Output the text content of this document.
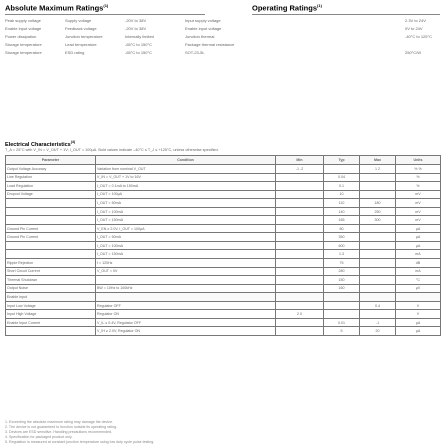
Absolute Maximum Ratings$^{(1)}$	Operating Ratings$^{(1)}$
Peak supply voltage	Supply voltage	-20V to 38V	Input supply voltage	2.3V to 24V
Enable input voltage	Feedback voltage	-20V to 38V	Enable input voltage	0V to 24V
Power dissipation	Junction temperature	Internally limited	Junction thermal	-40°C to 125°C
Storage temperature	Lead temperature	-65°C to 150°C	Package thermal resistance
Storage temperature	ESD rating	-65°C to 150°C	SOT-23-5L	250°C/W
Electrical Characteristics$^{(4)}$
T_A = 25°C with V_IN = V_OUT + 1V; I_OUT = 100µA. Bold values indicate –40°C ≤ T_J ≤ +125°C, unless otherwise specified.
Parameter	Condition	Min	Typ	Max	Units
Output Voltage Accuracy	Variation from nominal V_OUT	-1 -2		1 2	% %
Line Regulation	V_IN = V_OUT + 1V to 16V		0.04		%
Load Regulation	I_OUT = 0.1mA to 150mA		0.1		%
Dropout Voltage	I_OUT = 100µA		10		mV
	I_OUT = 50mA		110	180	mV
	I_OUT = 100mA		140	250	mV
	I_OUT = 150mA		165	300	mV
Ground Pin Current	V_EN ≥ 2.0V, I_OUT = 100µA		80		µA
Ground Pin Current	I_OUT = 50mA		350		µA
	I_OUT = 100mA		600		µA
	I_OUT = 150mA		1.3		mA
Ripple Rejection	f = 120Hz		75		dB
Short Circuit Current	V_OUT = 0V		280		mA
Thermal Shutdown			150		°C
Output Noise	BW = 10Hz to 100kHz		160		µV
Enable Input					
Input Low Voltage	Regulator OFF			0.4	V
Input High Voltage	Regulator ON	2.0			V
Enable Input Current	V_IL ≤ 0.4V, Regulator OFF		0.01	-1	µA
	V_IH ≥ 2.0V, Regulator ON		5	20	µA
1. Exceeding the absolute maximum rating may damage the device.
2. The device is not guaranteed to function outside its operating rating.
3. Devices are ESD sensitive. Handling precautions recommended.
4. Specification for packaged product only.
5. Regulation is measured at constant junction temperature using low duty cycle pulse testing.
